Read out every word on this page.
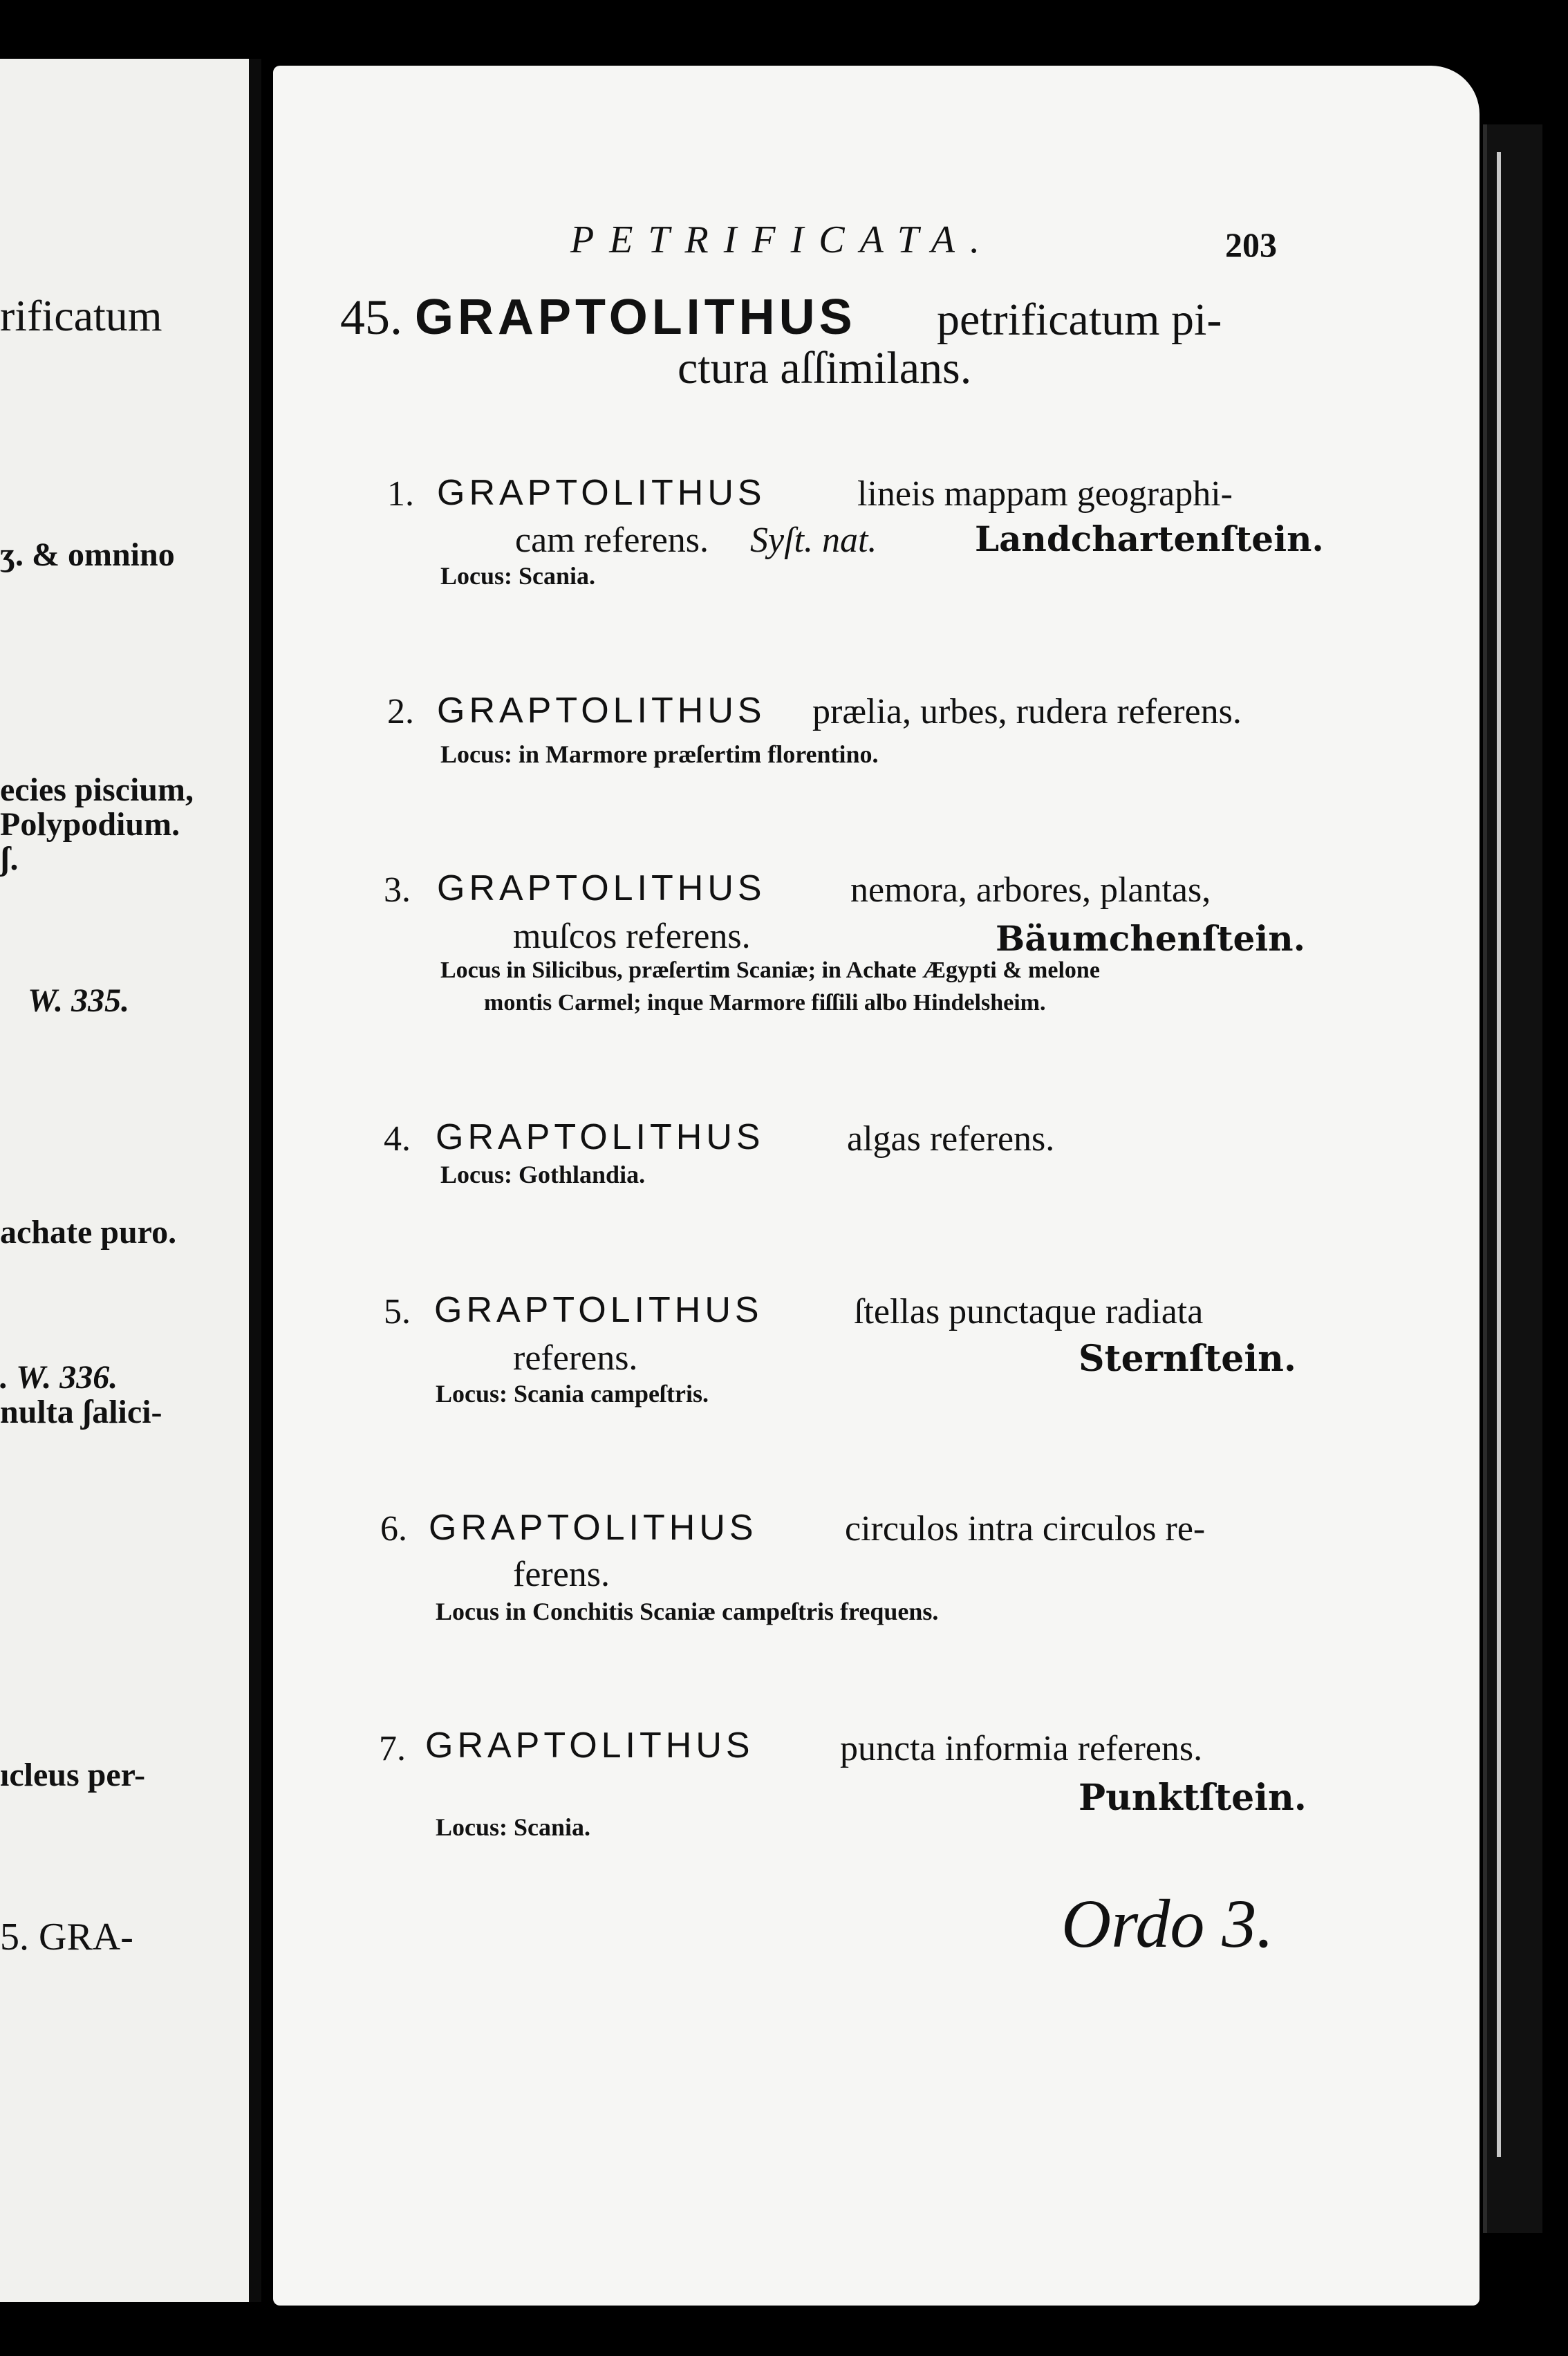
rificatum
ʒ. & omnino
ecies piscium,
Polypodium.
ʃ.
W. 335.
achate puro.
. W. 336.
nulta ʃalici-
ıcleus per-
5. GRA-
PETRIFICATA.	203
45. GRAPTOLITHUS petrificatum pi-
ctura aſſimilans.
1. GRAPTOLITHUS	lineis mappam geographi-
cam referens. Syſt. nat.	Landchartenſtein.
Locus: Scania.
2. GRAPTOLITHUS prælia, urbes, rudera referens.
Locus: in Marmore præſertim florentino.
3. GRAPTOLITHUS nemora, arbores, plantas,
muſcos referens.	Bäumchenſtein.
Locus in Silicibus, præſertim Scaniæ; in Achate Ægypti & melone
montis Carmel; inque Marmore fiſſili albo Hindelsheim.
4. GRAPTOLITHUS algas referens.
Locus: Gothlandia.
5. GRAPTOLITHUS	ſtellas punctaque radiata
referens.	Sternſtein.
Locus: Scania campeſtris.
6. GRAPTOLITHUS circulos intra circulos re-
ferens.
Locus in Conchitis Scaniæ campeſtris frequens.
7. GRAPTOLITHUS puncta informia referens.
Punktſtein.
Locus: Scania.
Ordo 3.
